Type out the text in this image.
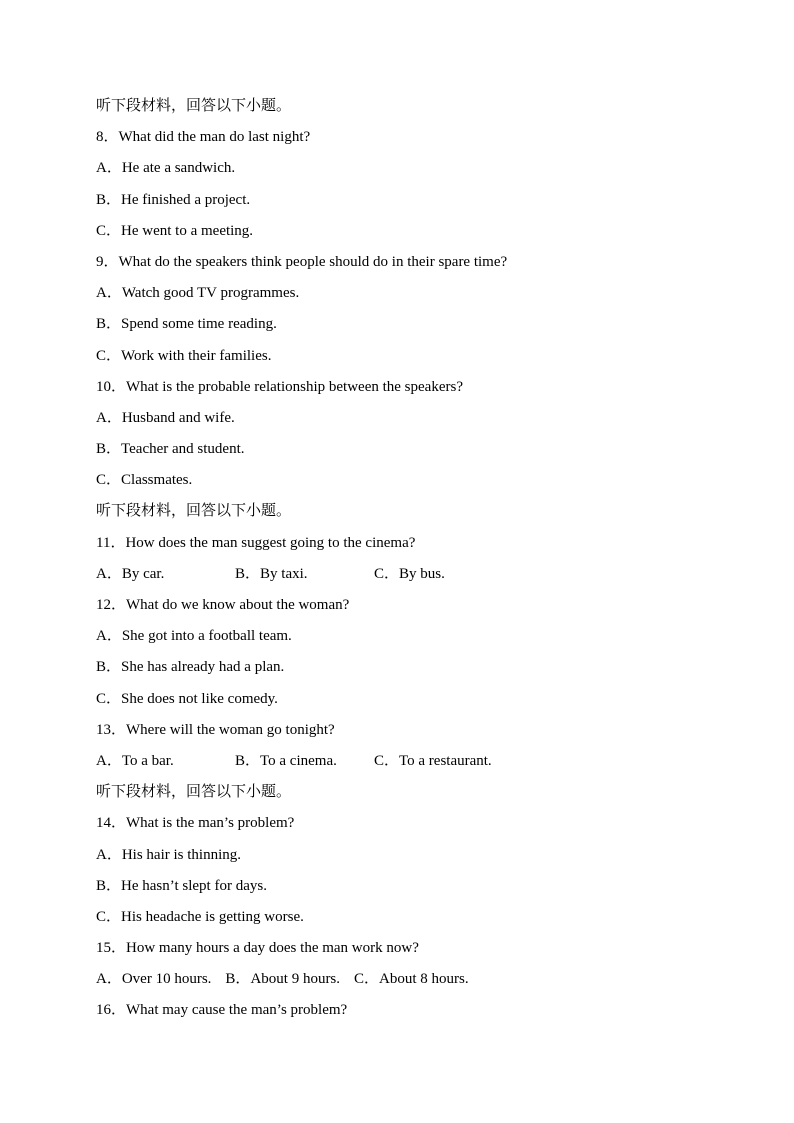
听下段材料，回答以下小题。
8．What did the man do last night?
A．He ate a sandwich.
B．He finished a project.
C．He went to a meeting.
9．What do the speakers think people should do in their spare time?
A．Watch good TV programmes.
B．Spend some time reading.
C．Work with their families.
10．What is the probable relationship between the speakers?
A．Husband and wife.
B．Teacher and student.
C．Classmates.
听下段材料，回答以下小题。
11．How does the man suggest going to the cinema?
A．By car.	B．By taxi.	C．By bus.
12．What do we know about the woman?
A．She got into a football team.
B．She has already had a plan.
C．She does not like comedy.
13．Where will the woman go tonight?
A．To a bar.	B．To a cinema.	C．To a restaurant.
听下段材料，回答以下小题。
14．What is the man’s problem?
A．His hair is thinning.
B．He hasn’t slept for days.
C．His headache is getting worse.
15．How many hours a day does the man work now?
A．Over 10 hours. B．About 9 hours. C．About 8 hours.
16．What may cause the man’s problem?
